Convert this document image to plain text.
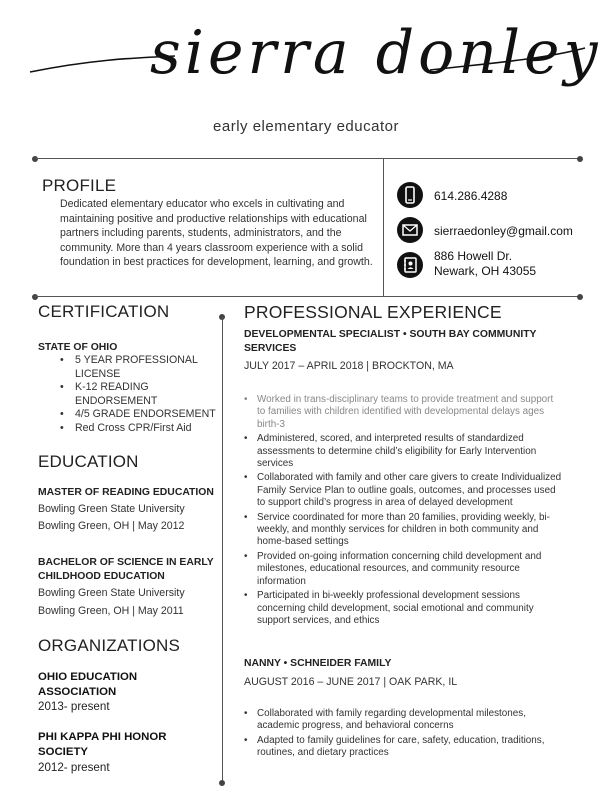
sierra donley
early elementary educator
PROFILE
Dedicated elementary educator who excels in cultivating and maintaining positive and productive relationships with educational partners including parents, students, administrators, and the community. More than 4 years classroom experience with a solid foundation in best practices for development, learning, and growth.
614.286.4288
sierraedonley@gmail.com
886 Howell Dr.
Newark, OH 43055
CERTIFICATION
STATE OF OHIO
• 5 YEAR PROFESSIONAL LICENSE
• K-12 READING ENDORSEMENT
• 4/5 GRADE ENDORSEMENT
• Red Cross CPR/First Aid
EDUCATION
MASTER OF READING EDUCATION
Bowling Green State University
Bowling Green, OH | May 2012
BACHELOR OF SCIENCE IN EARLY CHILDHOOD EDUCATION
Bowling Green State University
Bowling Green, OH | May 2011
ORGANIZATIONS
OHIO EDUCATION ASSOCIATION
2013- present
PHI KAPPA PHI HONOR SOCIETY
2012- present
PROFESSIONAL EXPERIENCE
DEVELOPMENTAL SPECIALIST • SOUTH BAY COMMUNITY SERVICES
JULY 2017 – APRIL 2018 | BROCKTON, MA
• Worked in trans-disciplinary teams to provide treatment and support to families with children identified with developmental delays ages birth-3
• Administered, scored, and interpreted results of standardized assessments to determine child’s eligibility for Early Intervention services
• Collaborated with family and other care givers to create Individualized Family Service Plan to outline goals, outcomes, and processes used to support child’s progress in area of delayed development
• Service coordinated for more than 20 families, providing weekly, bi-weekly, and monthly services for children in both community and home-based settings
• Provided on-going information concerning child development and milestones, educational resources, and community resource information
• Participated in bi-weekly professional development sessions concerning child development, social emotional and community support services, and ethics
NANNY • SCHNEIDER FAMILY
AUGUST 2016 – JUNE 2017 | OAK PARK, IL
• Collaborated with family regarding developmental milestones, academic progress, and behavioral concerns
• Adapted to family guidelines for care, safety, education, traditions, routines, and dietary practices
